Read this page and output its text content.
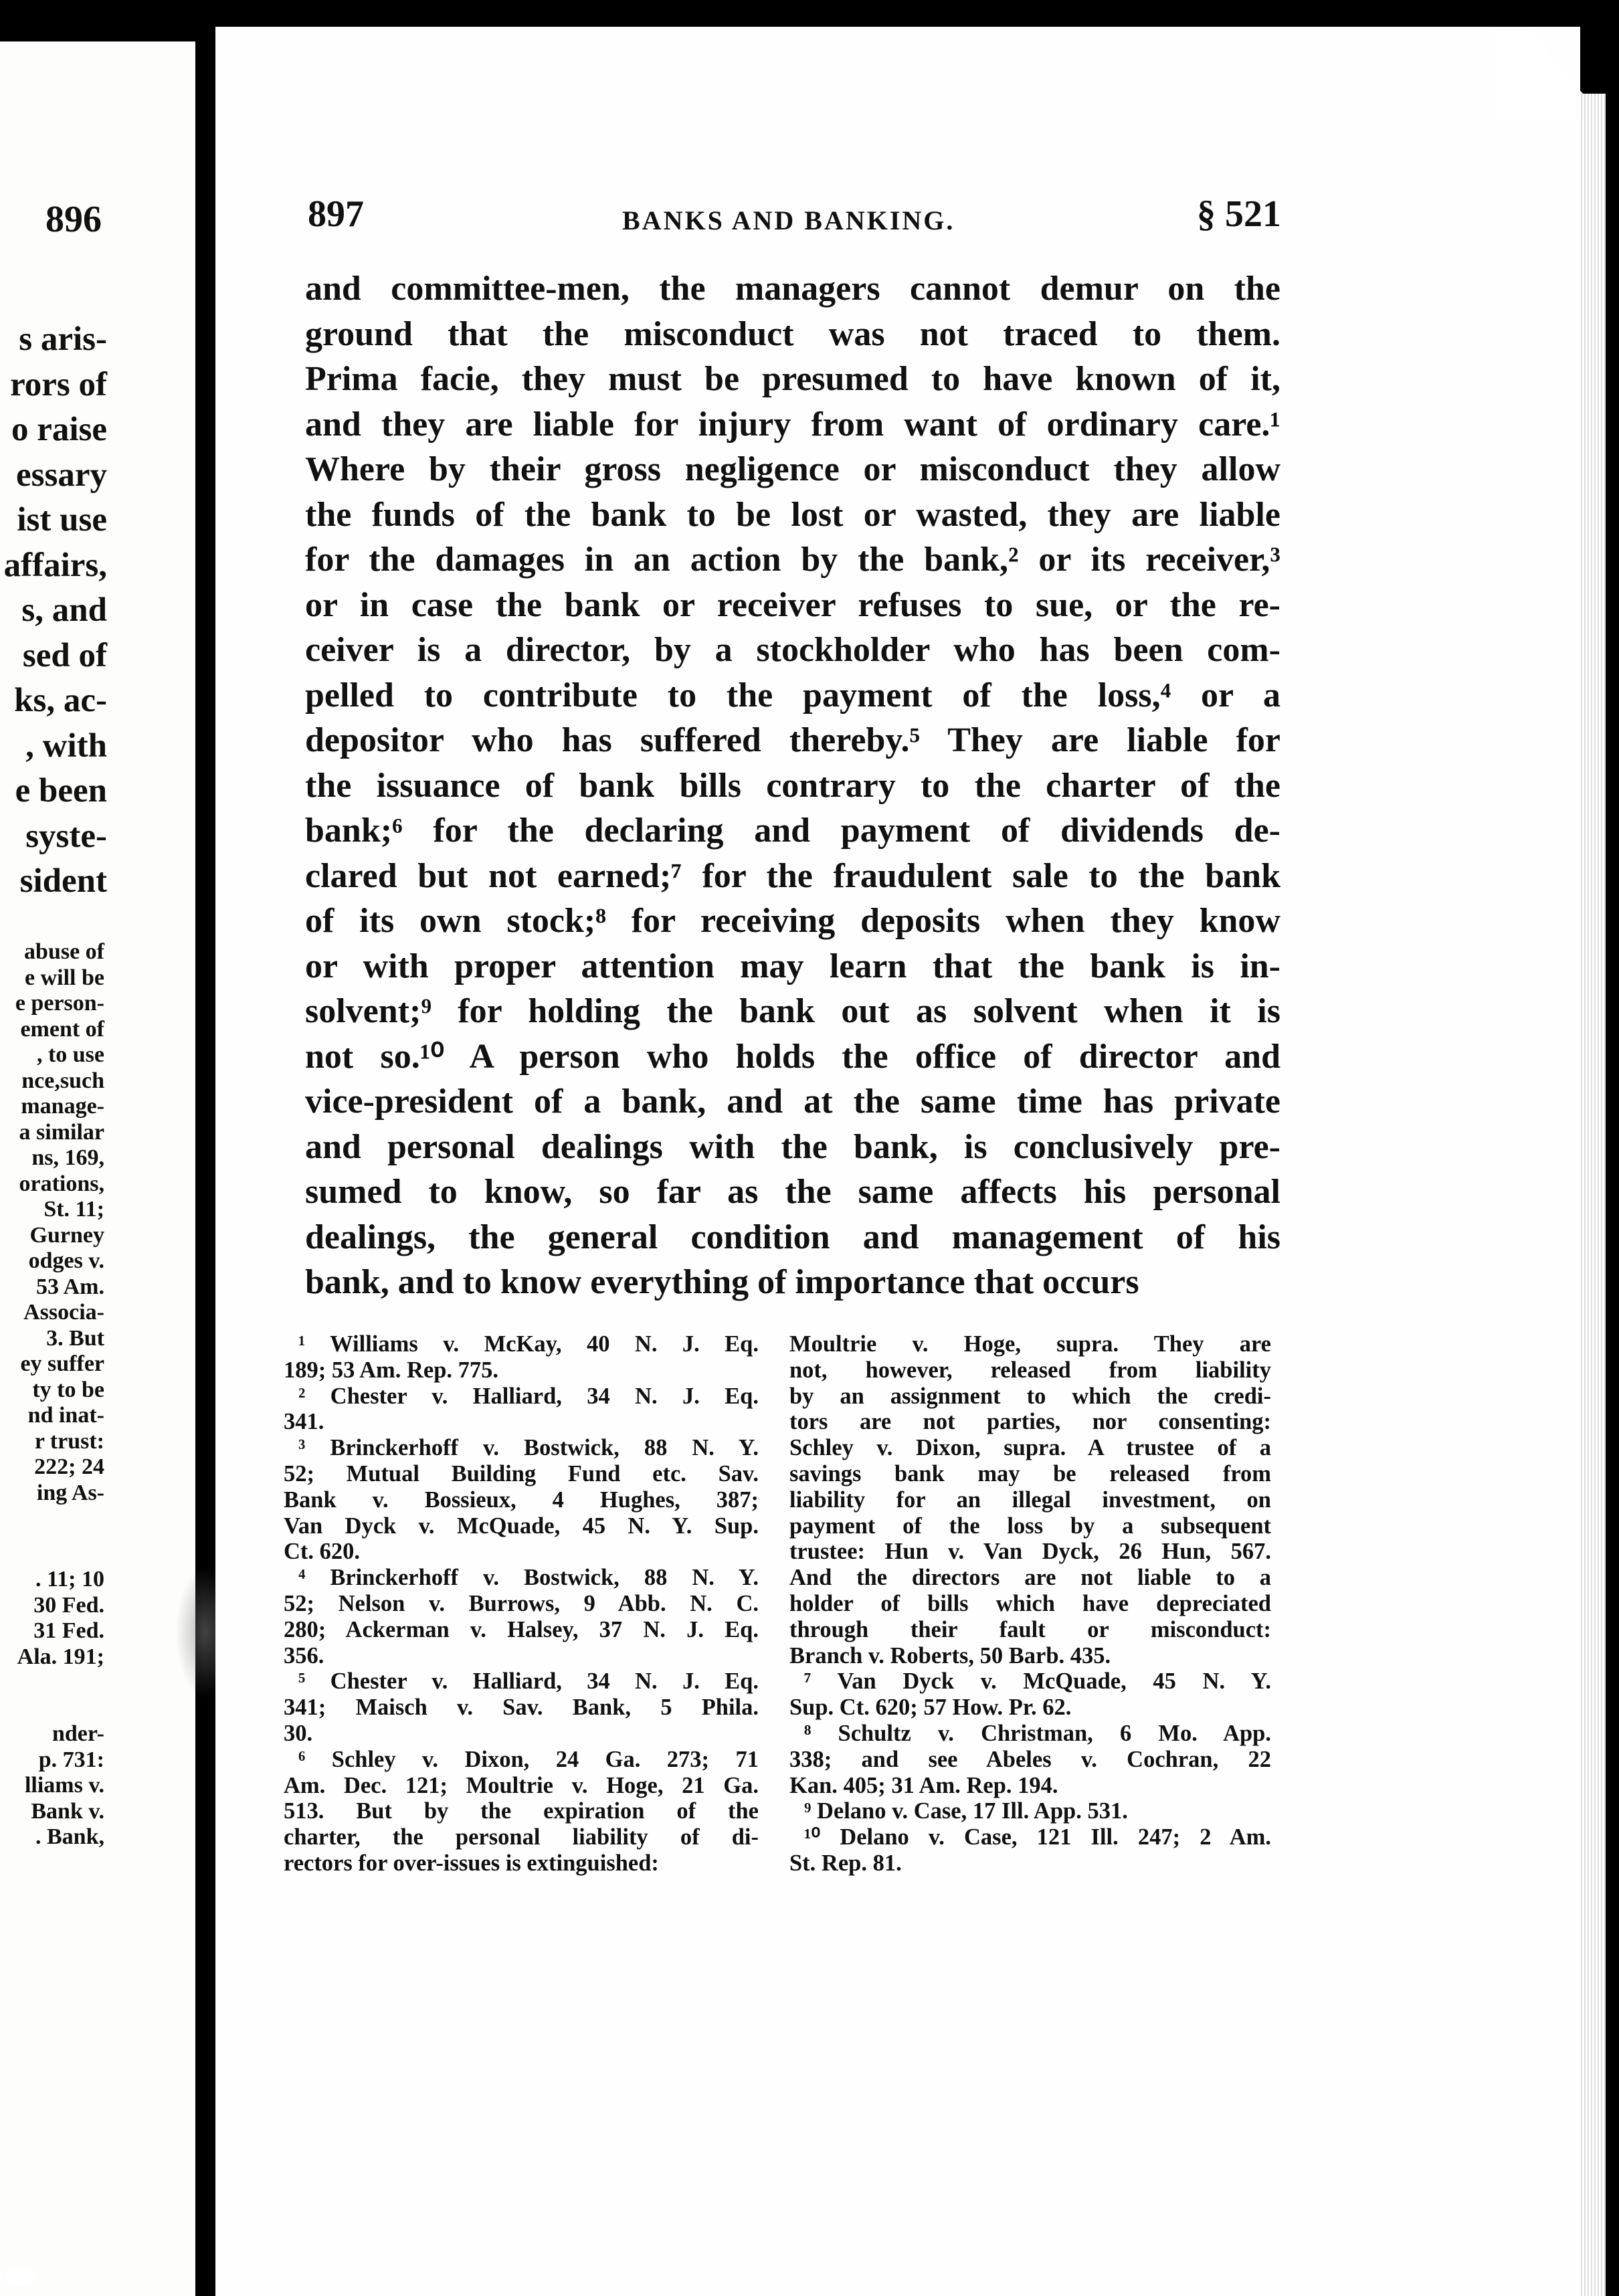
896
s aris-
rors of
o raise
essary
ist use
affairs,
s, and
sed of
ks, ac-
, with
e been
syste-
sident
abuse of
e will be
e person-
ement of
, to use
nce,such
manage-
a similar
ns, 169,
orations,
St. 11;
Gurney
odges v.
53 Am.
Associa-
3. But
ey suffer
ty to be
nd inat-
r trust:
222; 24
ing As-
. 11; 10
30 Fed.
31 Fed.
Ala. 191;

nder-
p. 731:
lliams v.
Bank v.
. Bank,
897	BANKS AND BANKING.	§ 521
and committee-men, the managers cannot demur on the
ground that the misconduct was not traced to them.
Prima facie, they must be presumed to have known of it,
and they are liable for injury from want of ordinary care.¹
Where by their gross negligence or misconduct they allow
the funds of the bank to be lost or wasted, they are liable
for the damages in an action by the bank,² or its receiver,³
or in case the bank or receiver refuses to sue, or the re-
ceiver is a director, by a stockholder who has been com-
pelled to contribute to the payment of the loss,⁴ or a
depositor who has suffered thereby.⁵ They are liable for
the issuance of bank bills contrary to the charter of the
bank;⁶ for the declaring and payment of dividends de-
clared but not earned;⁷ for the fraudulent sale to the bank
of its own stock;⁸ for receiving deposits when they know
or with proper attention may learn that the bank is in-
solvent;⁹ for holding the bank out as solvent when it is
not so.¹⁰ A person who holds the office of director and
vice-president of a bank, and at the same time has private
and personal dealings with the bank, is conclusively pre-
sumed to know, so far as the same affects his personal
dealings, the general condition and management of his
bank, and to know everything of importance that occurs
¹ Williams v. McKay, 40 N. J. Eq.
189; 53 Am. Rep. 775.
² Chester v. Halliard, 34 N. J. Eq.
341.
³ Brinckerhoff v. Bostwick, 88 N. Y.
52; Mutual Building Fund etc. Sav.
Bank v. Bossieux, 4 Hughes, 387;
Van Dyck v. McQuade, 45 N. Y. Sup.
Ct. 620.
⁴ Brinckerhoff v. Bostwick, 88 N. Y.
52; Nelson v. Burrows, 9 Abb. N. C.
280; Ackerman v. Halsey, 37 N. J. Eq.
356.
⁵ Chester v. Halliard, 34 N. J. Eq.
341; Maisch v. Sav. Bank, 5 Phila.
30.
⁶ Schley v. Dixon, 24 Ga. 273; 71
Am. Dec. 121; Moultrie v. Hoge, 21 Ga.
513. But by the expiration of the
charter, the personal liability of di-
rectors for over-issues is extinguished:
Moultrie v. Hoge, supra. They are
not, however, released from liability
by an assignment to which the credi-
tors are not parties, nor consenting:
Schley v. Dixon, supra. A trustee of a
savings bank may be released from
liability for an illegal investment, on
payment of the loss by a subsequent
trustee: Hun v. Van Dyck, 26 Hun, 567.
And the directors are not liable to a
holder of bills which have depreciated
through their fault or misconduct:
Branch v. Roberts, 50 Barb. 435.
⁷ Van Dyck v. McQuade, 45 N. Y.
Sup. Ct. 620; 57 How. Pr. 62.
⁸ Schultz v. Christman, 6 Mo. App.
338; and see Abeles v. Cochran, 22
Kan. 405; 31 Am. Rep. 194.
⁹ Delano v. Case, 17 Ill. App. 531.
¹⁰ Delano v. Case, 121 Ill. 247; 2 Am.
St. Rep. 81.
